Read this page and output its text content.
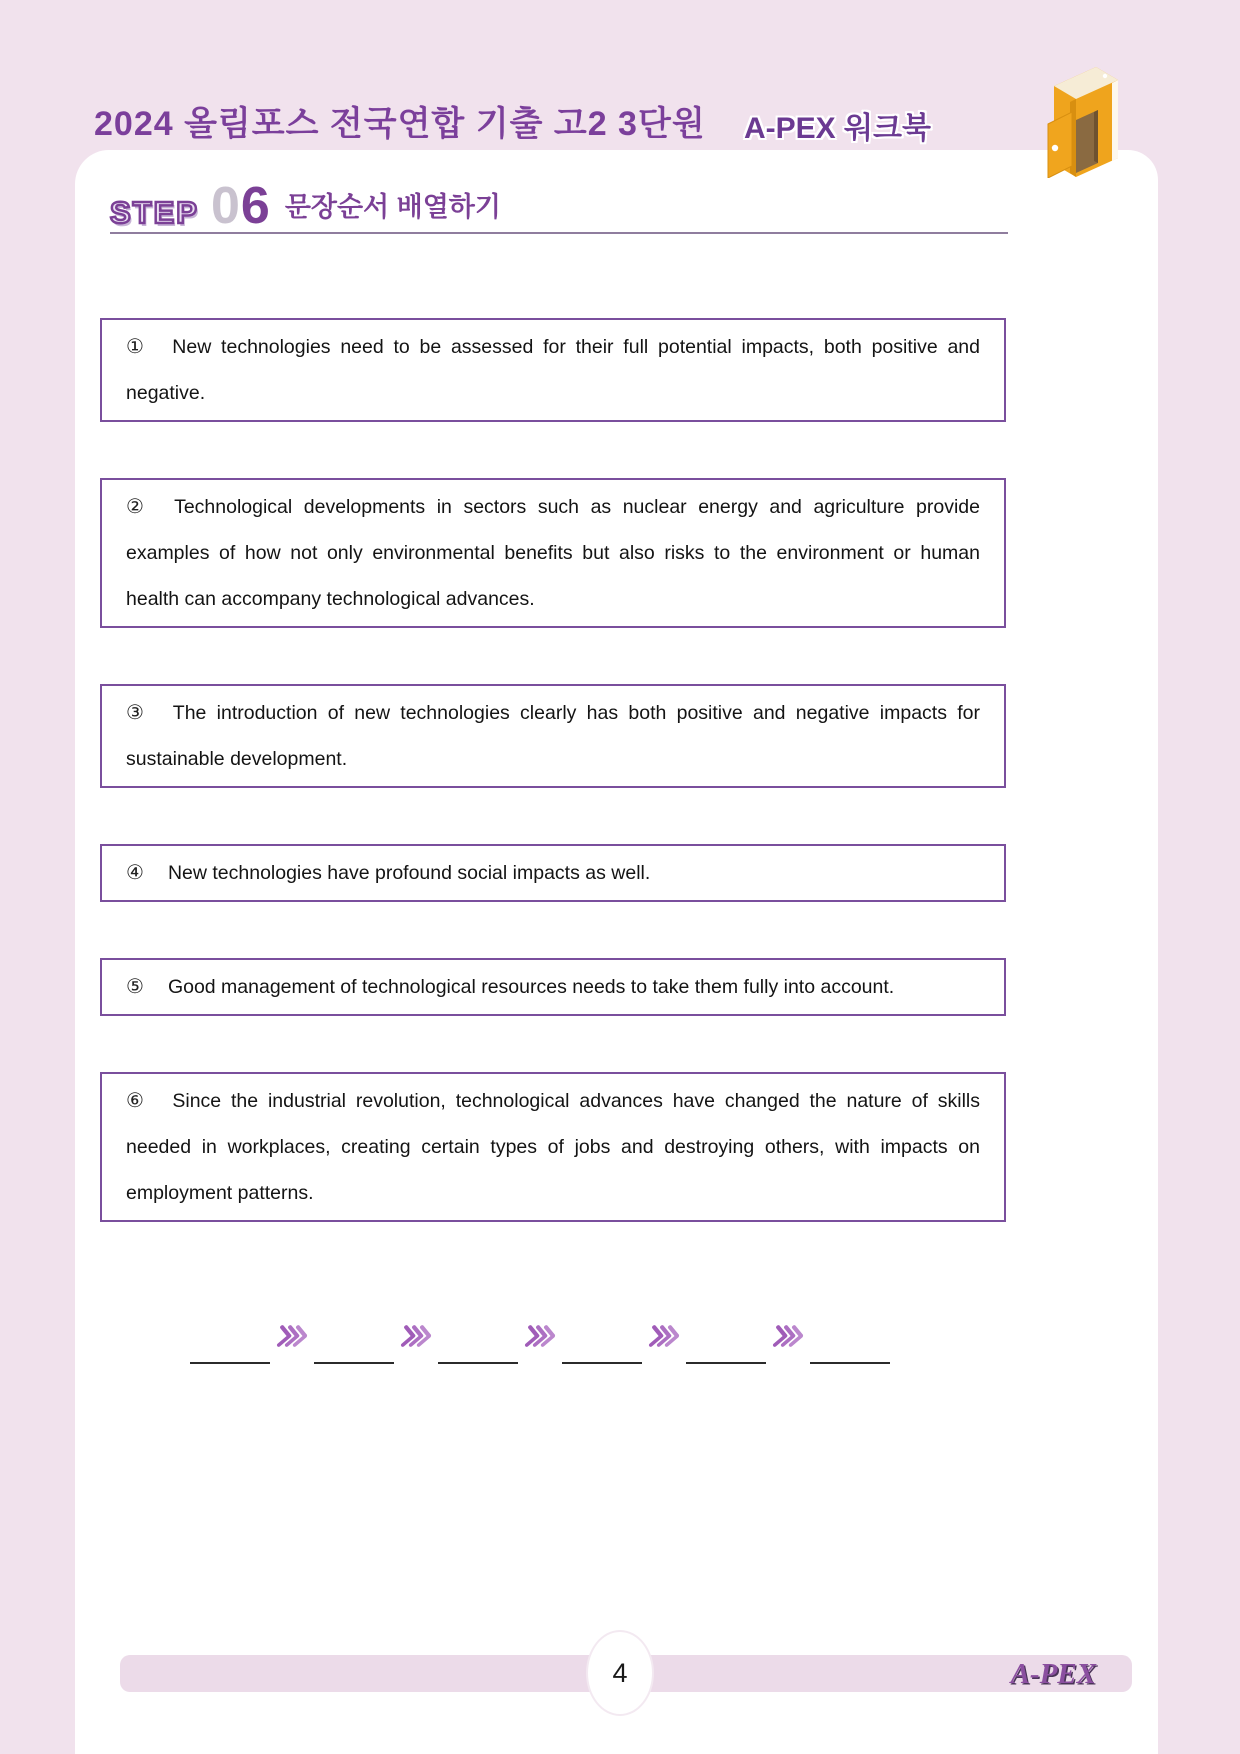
2024 올림포스 전국연합 기출 고2 3단원 A-PEX 워크북
STEP 06 문장순서 배열하기
① New technologies need to be assessed for their full potential impacts, both positive and negative.
② Technological developments in sectors such as nuclear energy and agriculture provide examples of how not only environmental benefits but also risks to the environment or human health can accompany technological advances.
③ The introduction of new technologies clearly has both positive and negative impacts for sustainable development.
④ New technologies have profound social impacts as well.
⑤ Good management of technological resources needs to take them fully into account.
⑥ Since the industrial revolution, technological advances have changed the nature of skills needed in workplaces, creating certain types of jobs and destroying others, with impacts on employment patterns.
A-PEX
4
